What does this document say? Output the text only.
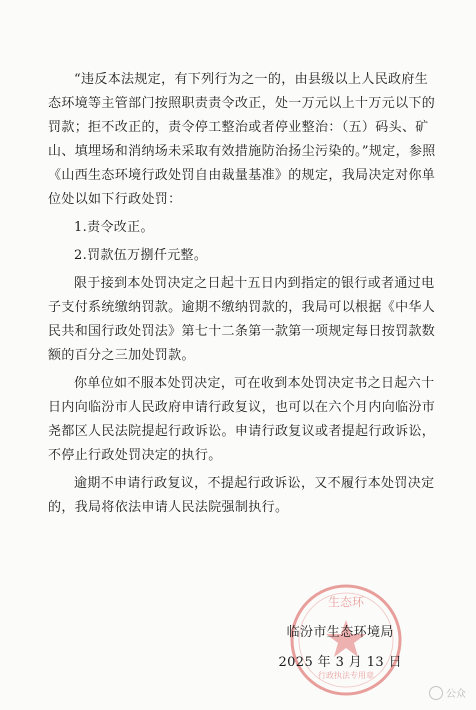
“违反本法规定，有下列行为之一的，由县级以上人民政府生态环境等主管部门按照职责责令改正，处一万元以上十万元以下的罚款；拒不改正的，责令停工整治或者停业整治：（五）码头、矿山、填埋场和消纳场未采取有效措施防治扬尘污染的。”规定，参照《山西生态环境行政处罚自由裁量基准》的规定，我局决定对你单位处以如下行政处罚：

1.责令改正。

2.罚款伍万捌仟元整。

限于接到本处罚决定之日起十五日内到指定的银行或者通过电子支付系统缴纳罚款。逾期不缴纳罚款的，我局可以根据《中华人民共和国行政处罚法》第七十二条第一款第一项规定每日按罚款数额的百分之三加处罚款。

你单位如不服本处罚决定，可在收到本处罚决定书之日起六十日内向临汾市人民政府申请行政复议，也可以在六个月内向临汾市尧都区人民法院提起行政诉讼。申请行政复议或者提起行政诉讼，不停止行政处罚决定的执行。

逾期不申请行政复议，不提起行政诉讼，又不履行本处罚决定的，我局将依法申请人民法院强制执行。

生态环
行政执法专用章
临汾市生态环境局
2025 年 3 月 13 日
公众
